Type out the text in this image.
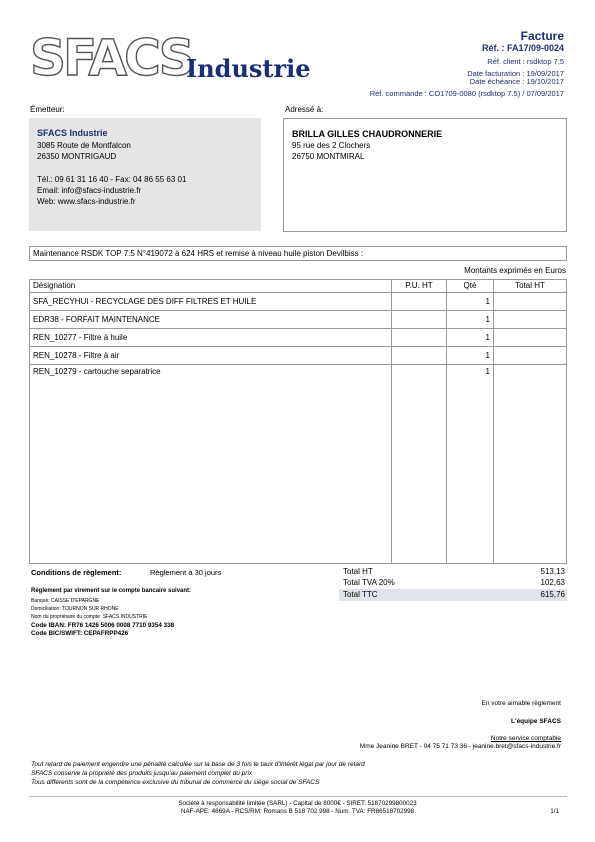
SFACS
Industrie
Facture
Réf. : FA17/09-0024
Réf. client : rsdktop 7.5
Date facturation : 19/09/2017
Date échéance : 19/10/2017
Réf. commande : CO1709-0080 (rsdktop 7.5) / 07/09/2017
Émetteur:
SFACS Industrie
3085 Route de Montfalcon
26350 MONTRIGAUD
Tél.: 09 61 31 16 40 - Fax: 04 86 55 63 01
Email: info@sfacs-industrie.fr
Web: www.sfacs-industrie.fr
Adressé à:
BRILLA GILLES CHAUDRONNERIE
95 rue des 2 Clochers
26750 MONTMIRAL
Maintenance RSDK TOP 7.5 N°419072 à 624 HRS et remise à niveau huile piston Devilbiss :
Montants exprimés en Euros
Désignation	P.U. HT	Qté	Total HT
SFA_RECYHUI - RECYCLAGE DES DIFF FILTRES ET HUILE		1	
EDR38 - FORFAIT MAINTENANCE		1	
REN_10277 - Filtre à huile		1	
REN_10278 - Filtre à air		1	
REN_10279 - cartouche separatrice		1	
Conditions de règlement:	Règlement à 30 jours
Règlement par virement sur le compte bancaire suivant:
Banque: CAISSE D'EPARGNE
Domiciliation: TOURNON SUR RHONE
Nom du propriétaire du compte: SFACS INDUSTRIE
Code IBAN: FR76 1426 5006 0008 7710 9354 338
Code BIC/SWIFT: CEPAFRPP426
Total HT	513,13
Total TVA 20%	102,63
Total TTC	615,76
En votre aimable règlement
L'équipe SFACS
Notre service comptable
Mme Jeanine BRET - 04 75 71 73 36 - jeanine.bret@sfacs-industrie.fr
Tout retard de paiement engendre une pénalité calculée sur la base de 3 fois le taux d'intérêt légal par jour de retard
SFACS conserve la propriété des produits jusqu'au paiement complet du prix
Tous différents sont de la compétence exclusive du tribunal de commerce du siège social de SFACS
Société à responsabilité limitée (SARL) - Capital de 8000€ - SIRET: 51870299800023
NAF-APE: 4669A - RCS/RM: Romans B 518 702 998 - Num. TVA: FR86518702998	1/1
